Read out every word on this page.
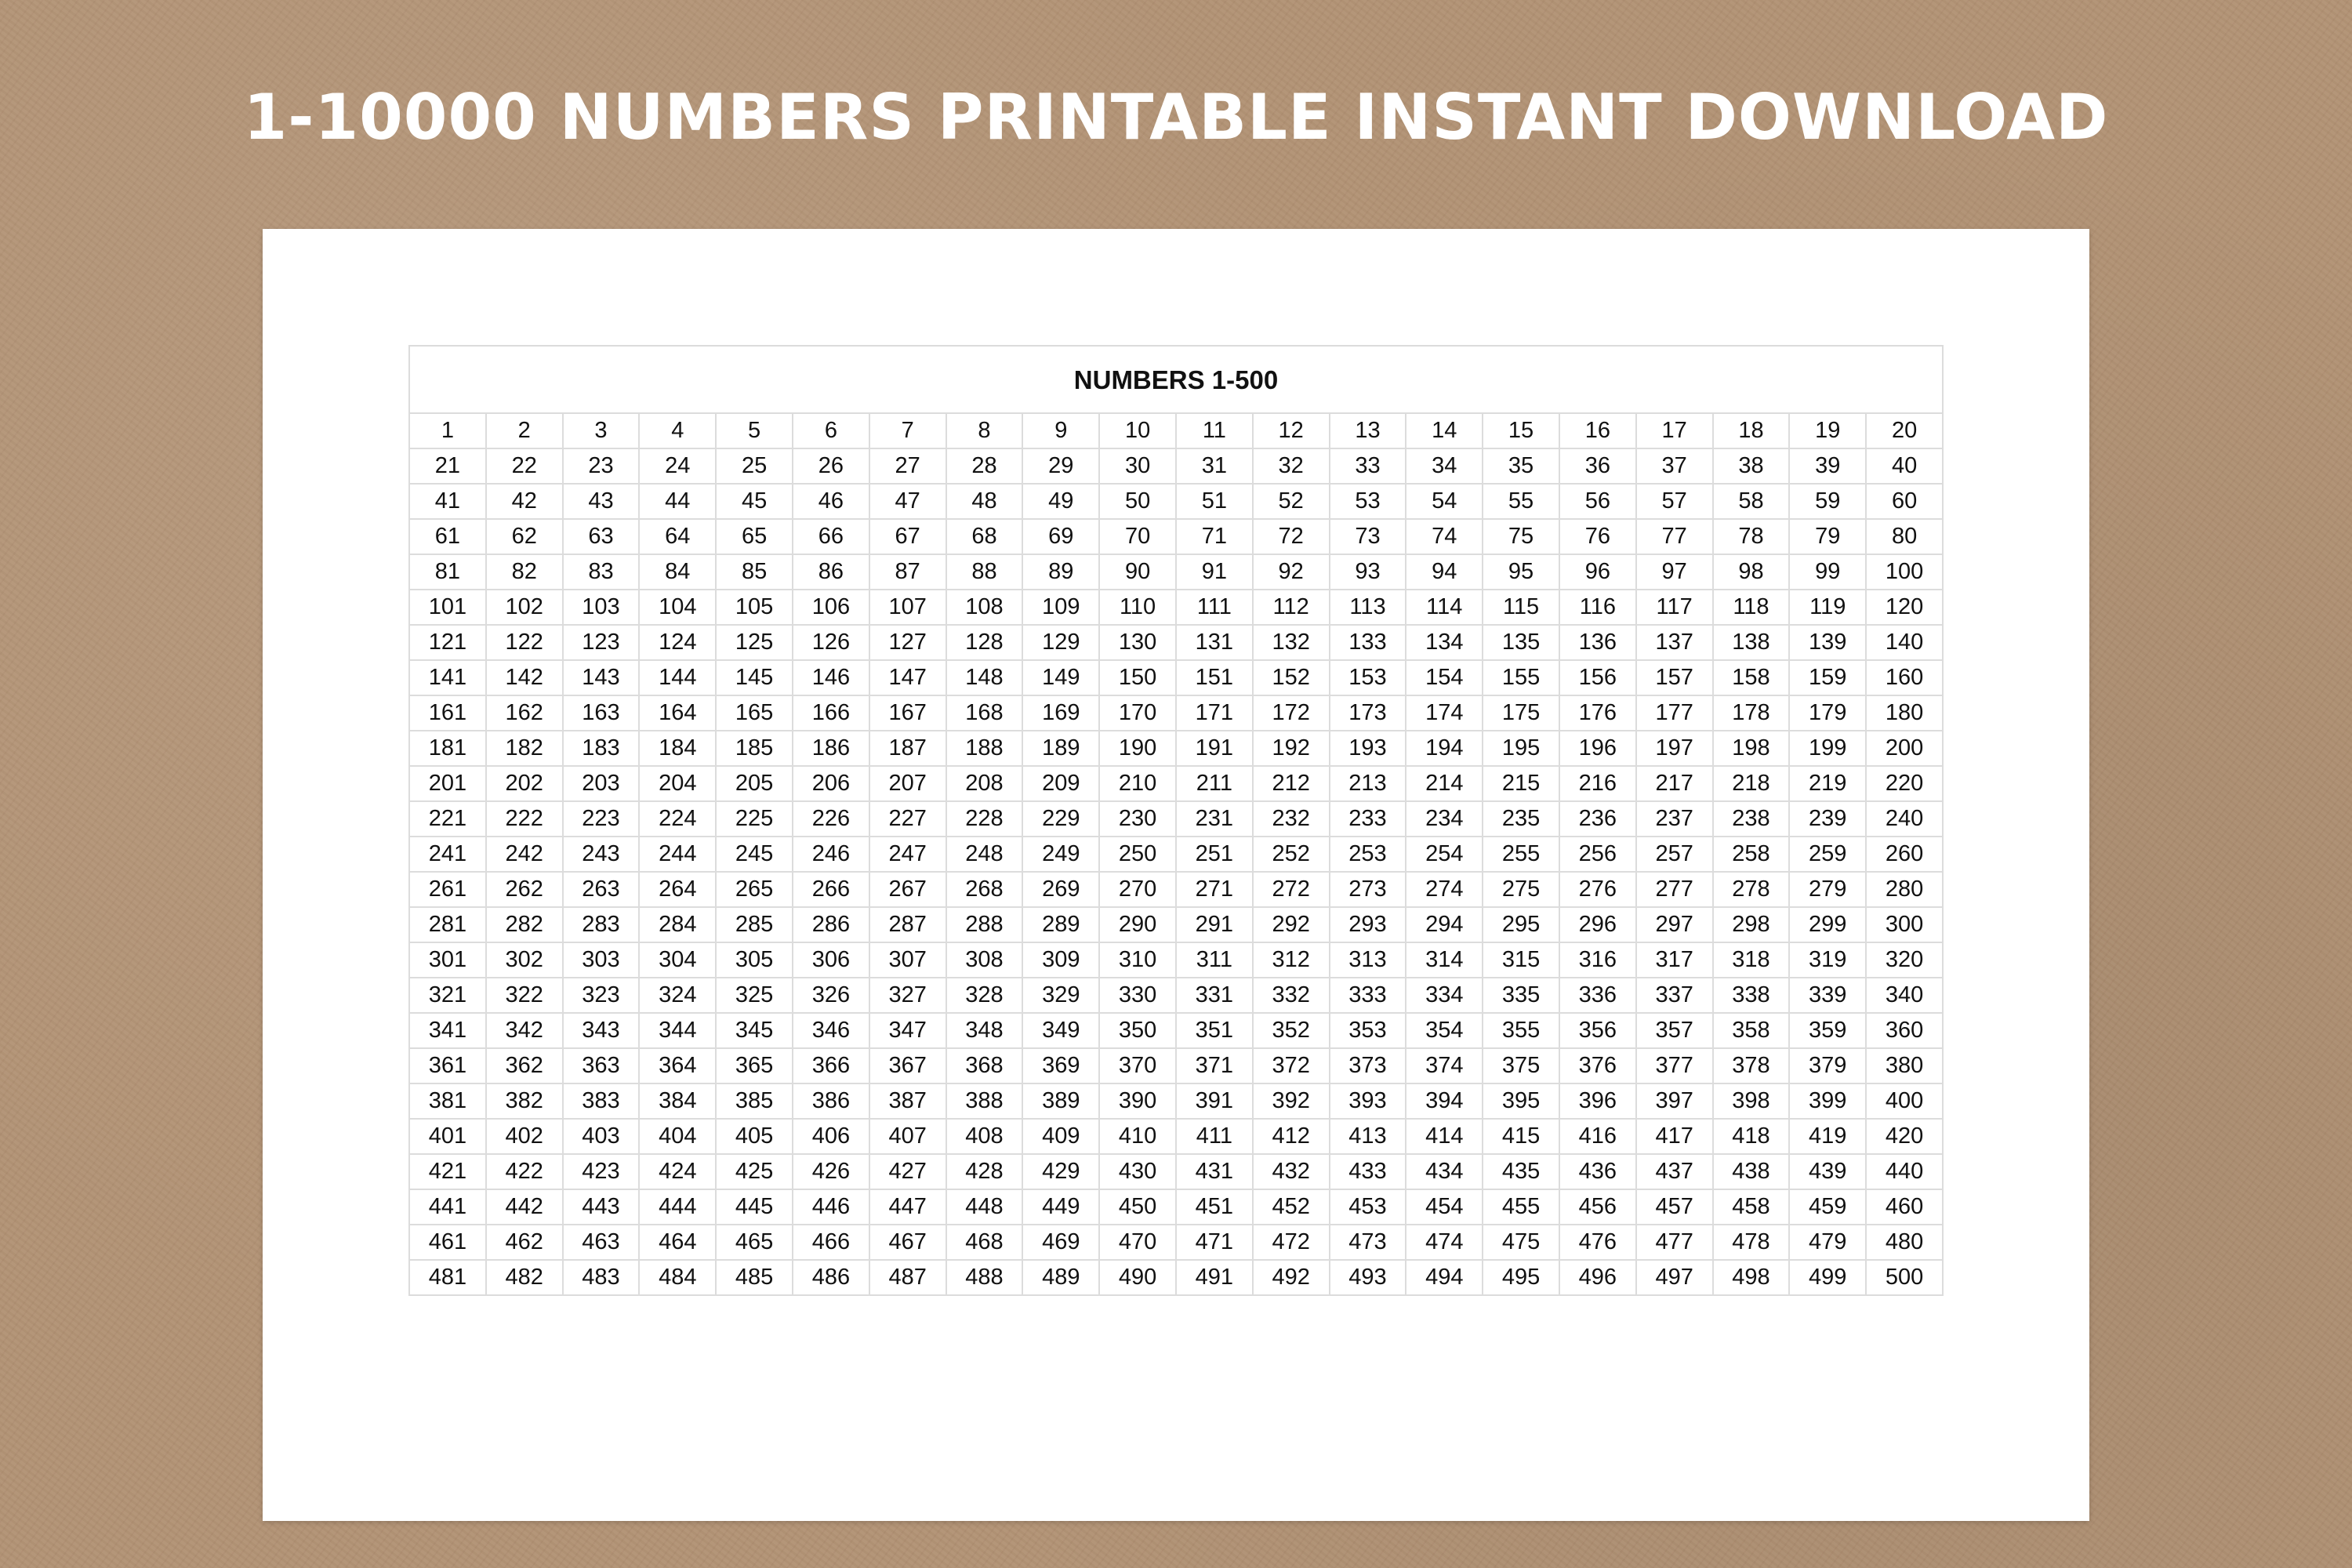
1-10000 NUMBERS PRINTABLE INSTANT DOWNLOAD
NUMBERS 1-500
1	2	3	4	5	6	7	8	9	10	11	12	13	14	15	16	17	18	19	20
21	22	23	24	25	26	27	28	29	30	31	32	33	34	35	36	37	38	39	40
41	42	43	44	45	46	47	48	49	50	51	52	53	54	55	56	57	58	59	60
61	62	63	64	65	66	67	68	69	70	71	72	73	74	75	76	77	78	79	80
81	82	83	84	85	86	87	88	89	90	91	92	93	94	95	96	97	98	99	100
101	102	103	104	105	106	107	108	109	110	111	112	113	114	115	116	117	118	119	120
121	122	123	124	125	126	127	128	129	130	131	132	133	134	135	136	137	138	139	140
141	142	143	144	145	146	147	148	149	150	151	152	153	154	155	156	157	158	159	160
161	162	163	164	165	166	167	168	169	170	171	172	173	174	175	176	177	178	179	180
181	182	183	184	185	186	187	188	189	190	191	192	193	194	195	196	197	198	199	200
201	202	203	204	205	206	207	208	209	210	211	212	213	214	215	216	217	218	219	220
221	222	223	224	225	226	227	228	229	230	231	232	233	234	235	236	237	238	239	240
241	242	243	244	245	246	247	248	249	250	251	252	253	254	255	256	257	258	259	260
261	262	263	264	265	266	267	268	269	270	271	272	273	274	275	276	277	278	279	280
281	282	283	284	285	286	287	288	289	290	291	292	293	294	295	296	297	298	299	300
301	302	303	304	305	306	307	308	309	310	311	312	313	314	315	316	317	318	319	320
321	322	323	324	325	326	327	328	329	330	331	332	333	334	335	336	337	338	339	340
341	342	343	344	345	346	347	348	349	350	351	352	353	354	355	356	357	358	359	360
361	362	363	364	365	366	367	368	369	370	371	372	373	374	375	376	377	378	379	380
381	382	383	384	385	386	387	388	389	390	391	392	393	394	395	396	397	398	399	400
401	402	403	404	405	406	407	408	409	410	411	412	413	414	415	416	417	418	419	420
421	422	423	424	425	426	427	428	429	430	431	432	433	434	435	436	437	438	439	440
441	442	443	444	445	446	447	448	449	450	451	452	453	454	455	456	457	458	459	460
461	462	463	464	465	466	467	468	469	470	471	472	473	474	475	476	477	478	479	480
481	482	483	484	485	486	487	488	489	490	491	492	493	494	495	496	497	498	499	500
